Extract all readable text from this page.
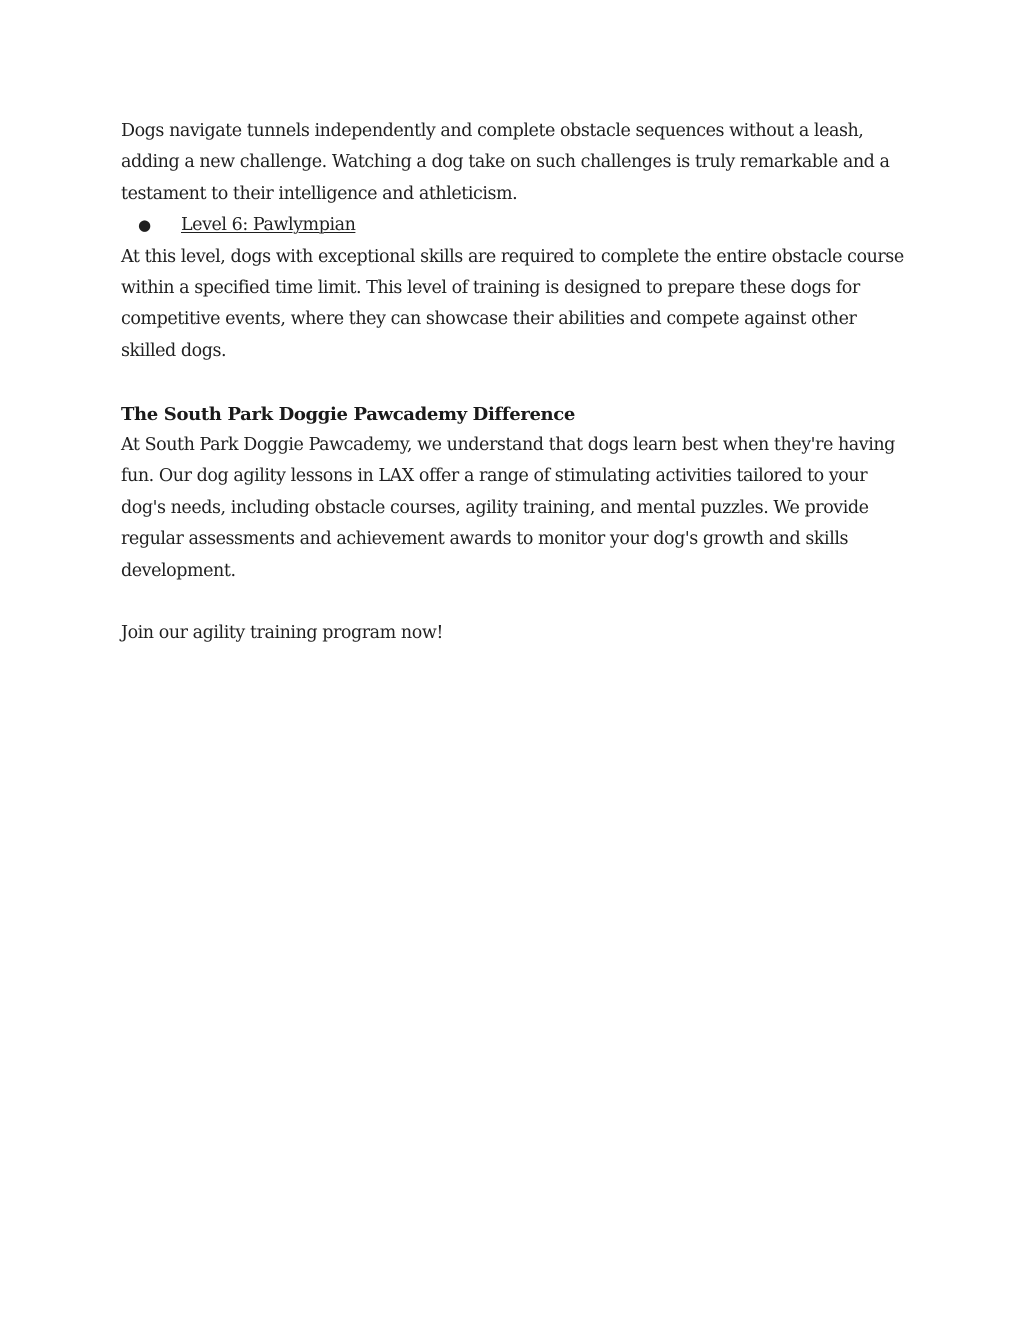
Dogs navigate tunnels independently and complete obstacle sequences without a leash, adding a new challenge. Watching a dog take on such challenges is truly remarkable and a testament to their intelligence and athleticism.

● Level 6: Pawlympian

At this level, dogs with exceptional skills are required to complete the entire obstacle course within a specified time limit. This level of training is designed to prepare these dogs for competitive events, where they can showcase their abilities and compete against other skilled dogs.

The South Park Doggie Pawcademy Difference

At South Park Doggie Pawcademy, we understand that dogs learn best when they're having fun. Our dog agility lessons in LAX offer a range of stimulating activities tailored to your dog's needs, including obstacle courses, agility training, and mental puzzles. We provide regular assessments and achievement awards to monitor your dog's growth and skills development.

Join our agility training program now!
